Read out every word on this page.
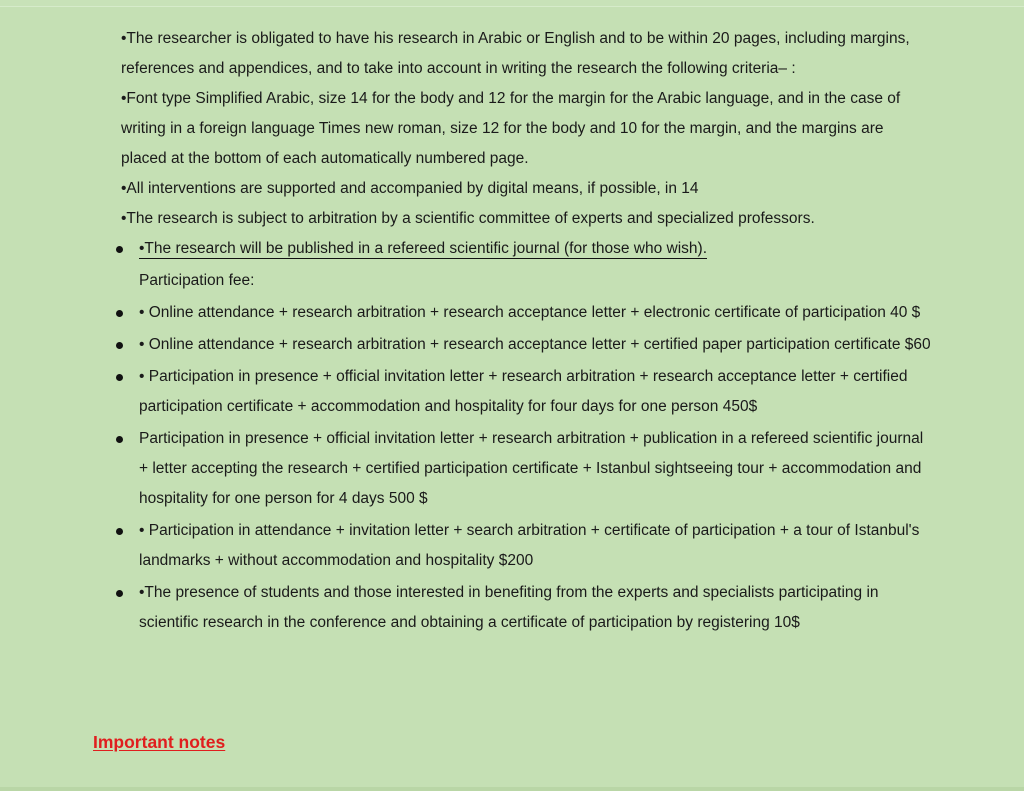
•The researcher is obligated to have his research in Arabic or English and to be within 20 pages, including margins, references and appendices, and to take into account in writing the research the following criteria– :

•Font type Simplified Arabic, size 14 for the body and 12 for the margin for the Arabic language, and in the case of writing in a foreign language Times new roman, size 12 for the body and 10 for the margin, and the margins are placed at the bottom of each automatically numbered page.

•All interventions are supported and accompanied by digital means, if possible, in 14

•The research is subject to arbitration by a scientific committee of experts and specialized professors.

•The research will be published in a refereed scientific journal (for those who wish).
Participation fee:
• Online attendance + research arbitration + research acceptance letter + electronic certificate of participation 40 $
• Online attendance + research arbitration + research acceptance letter + certified paper participation certificate $60
• Participation in presence + official invitation letter + research arbitration + research acceptance letter + certified participation certificate + accommodation and hospitality for four days for one person 450$
Participation in presence + official invitation letter + research arbitration + publication in a refereed scientific journal + letter accepting the research + certified participation certificate + Istanbul sightseeing tour + accommodation and hospitality for one person for 4 days 500 $
• Participation in attendance + invitation letter + search arbitration + certificate of participation + a tour of Istanbul's landmarks + without accommodation and hospitality $200
•The presence of students and those interested in benefiting from the experts and specialists participating in scientific research in the conference and obtaining a certificate of participation by registering 10$
Important notes
